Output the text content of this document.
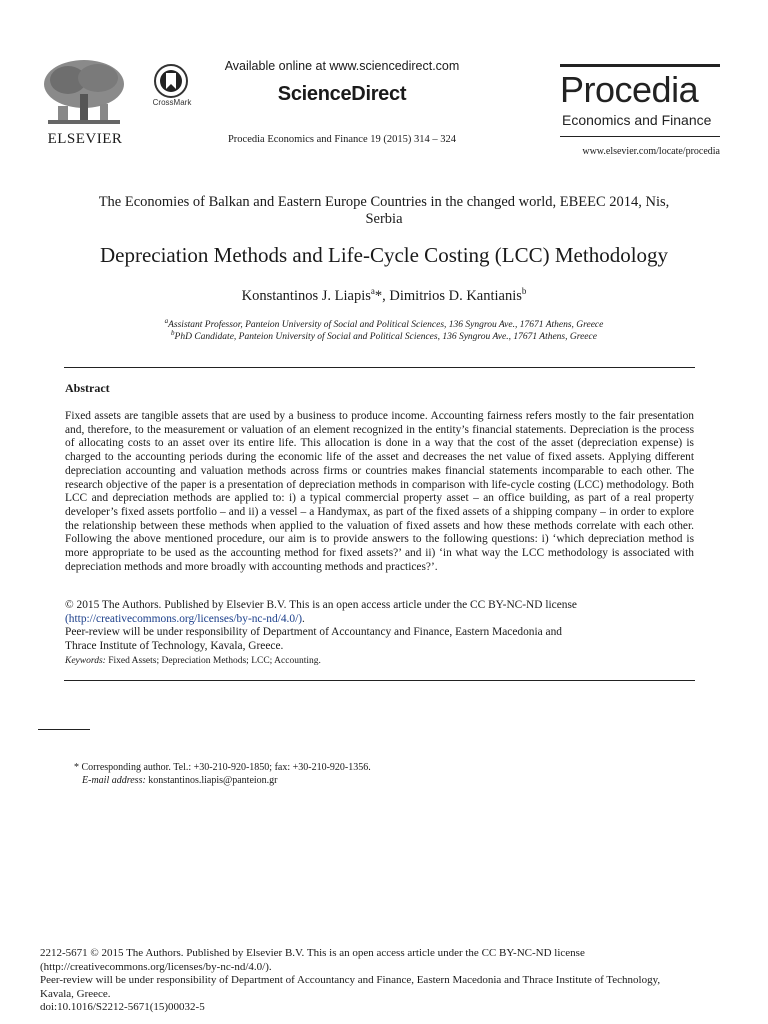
ELSEVIER
CrossMark
Available online at www.sciencedirect.com
ScienceDirect
Procedia Economics and Finance 19 (2015) 314 – 324
Procedia
Economics and Finance
www.elsevier.com/locate/procedia
The Economies of Balkan and Eastern Europe Countries in the changed world, EBEEC 2014, Nis,
Serbia
Depreciation Methods and Life-Cycle Costing (LCC) Methodology
Konstantinos J. Liapis$^a$*, Dimitrios D. Kantianis$^b$
$^a$Assistant Professor, Panteion University of Social and Political Sciences, 136 Syngrou Ave., 17671 Athens, Greece
$^b$PhD Candidate, Panteion University of Social and Political Sciences, 136 Syngrou Ave., 17671 Athens, Greece
Abstract
Fixed assets are tangible assets that are used by a business to produce income. Accounting fairness refers mostly to the fair presentation and, therefore, to the measurement or valuation of an element recognized in the entity’s financial statements. Depreciation is the process of allocating costs to an asset over its entire life. This allocation is done in a way that the cost of the asset (depreciation expense) is charged to the accounting periods during the economic life of the asset and decreases the net value of fixed assets. Applying different depreciation accounting and valuation methods across firms or countries makes financial statements incomparable to each other. The research objective of the paper is a presentation of depreciation methods in comparison with life-cycle costing (LCC) methodology. Both LCC and depreciation methods are applied to: i) a typical commercial property asset – an office building, as part of a real property developer’s fixed assets portfolio – and ii) a vessel – a Handymax, as part of the fixed assets of a shipping company – in order to explore the relationship between these methods when applied to the valuation of fixed assets and how these methods correlate with each other. Following the above mentioned procedure, our aim is to provide answers to the following questions: i) ‘which depreciation method is more appropriate to be used as the accounting method for fixed assets?’ and ii) ‘in what way the LCC methodology is associated with depreciation methods and more broadly with accounting methods and practices?’.
© 2015 The Authors. Published by Elsevier B.V. This is an open access article under the CC BY-NC-ND license
(http://creativecommons.org/licenses/by-nc-nd/4.0/).
Peer-review will be under responsibility of Department of Accountancy and Finance, Eastern Macedonia and
Thrace Institute of Technology, Kavala, Greece.
Keywords: Fixed Assets; Depreciation Methods; LCC; Accounting.
* Corresponding author. Tel.: +30-210-920-1850; fax: +30-210-920-1356.
E-mail address: konstantinos.liapis@panteion.gr
2212-5671 © 2015 The Authors. Published by Elsevier B.V. This is an open access article under the CC BY-NC-ND license
(http://creativecommons.org/licenses/by-nc-nd/4.0/).
Peer-review will be under responsibility of Department of Accountancy and Finance, Eastern Macedonia and Thrace Institute of Technology,
Kavala, Greece.
doi:10.1016/S2212-5671(15)00032-5
